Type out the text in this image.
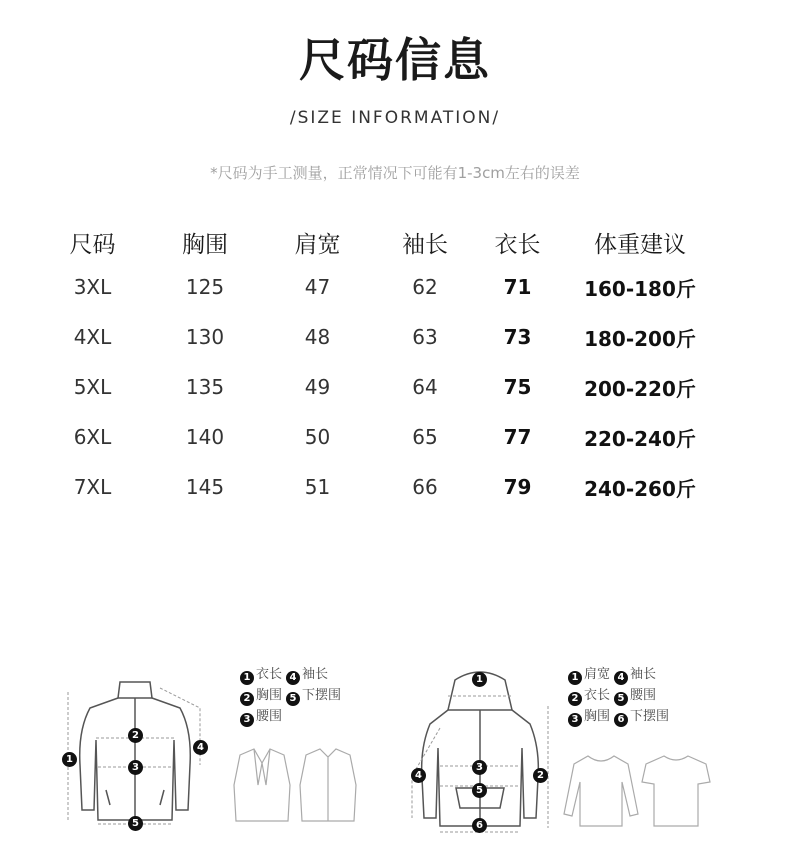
尺码信息
/SIZE INFORMATION/
*尺码为手工测量，正常情况下可能有1-3cm左右的误差
尺码	胸围	肩宽	袖长	衣长	体重建议
3XL	125	47	62	71	160-180斤
4XL	130	48	63	73	180-200斤
5XL	135	49	64	75	200-220斤
6XL	140	50	65	77	220-240斤
7XL	145	51	66	79	240-260斤
1
2
3
4
5
1
2
3
4
5
6
1 衣长 4 袖长
2 胸围 5 下摆围
3 腰围
1 肩宽 4 袖长
2 衣长 5 腰围
3 胸围 6 下摆围
